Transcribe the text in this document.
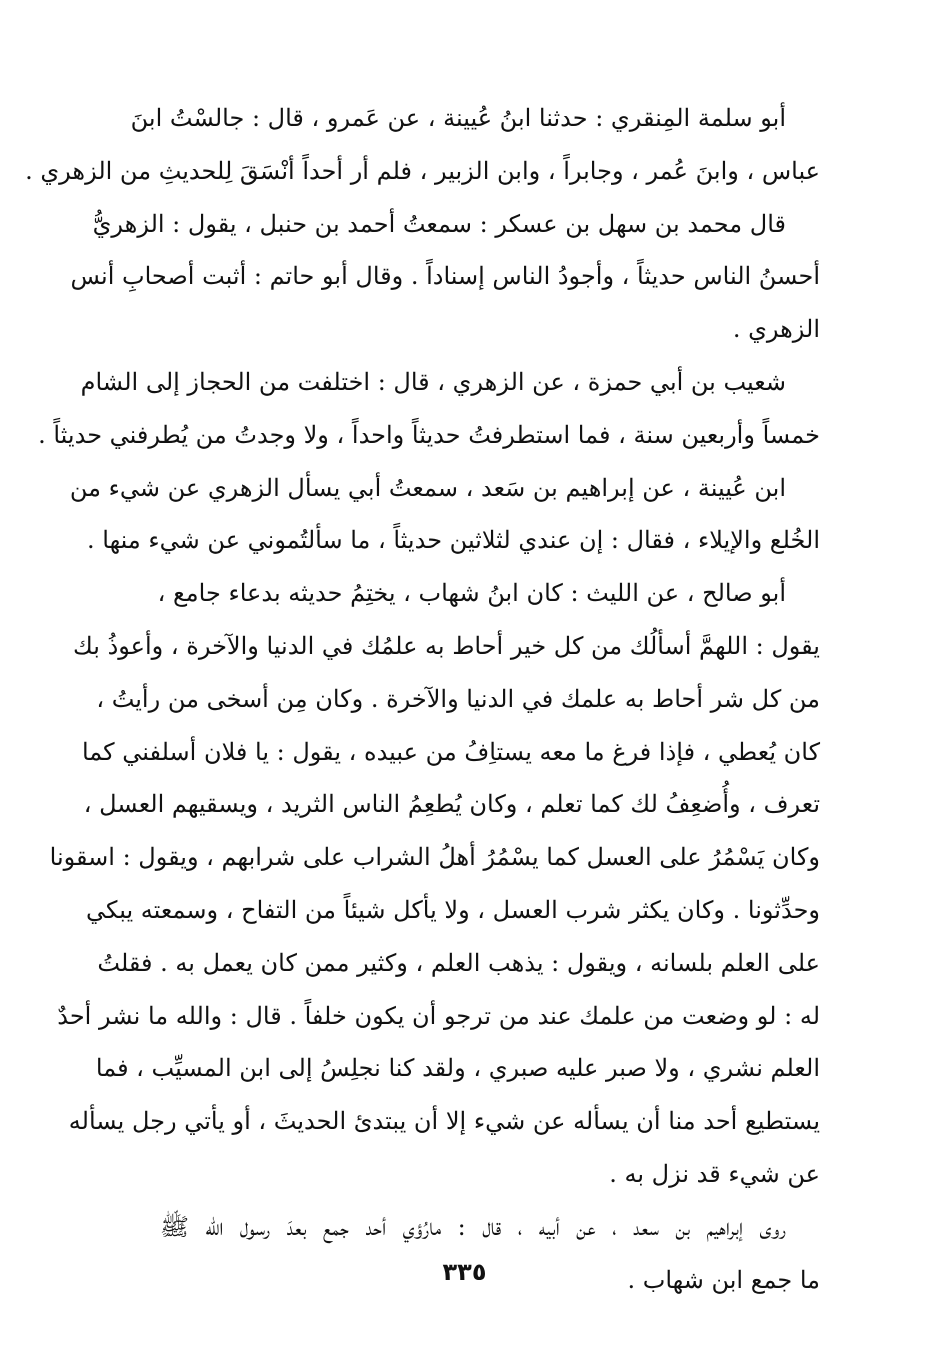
أبو سلمة المِنقري : حدثنا ابنُ عُيينة ، عن عَمرو ، قال : جالسْتُ ابنَ
عباس ، وابنَ عُمر ، وجابراً ، وابن الزبير ، فلم أر أحداً أنْسَقَ لِلحديثِ من الزهري .
قال محمد بن سهل بن عسكر : سمعتُ أحمد بن حنبل ، يقول : الزهريُّ
أحسنُ الناس حديثاً ، وأجودُ الناس إسناداً . وقال أبو حاتم : أثبت أصحابِ أنس
الزهري .
شعيب بن أبي حمزة ، عن الزهري ، قال : اختلفت من الحجاز إلى الشام
خمساً وأربعين سنة ، فما استطرفتُ حديثاً واحداً ، ولا وجدتُ من يُطرفني حديثاً .
ابن عُيينة ، عن إبراهيم بن سَعد ، سمعتُ أبي يسأل الزهري عن شيء من
الخُلع والإيلاء ، فقال : إن عندي لثلاثين حديثاً ، ما سألتُموني عن شيء منها .
أبو صالح ، عن الليث : كان ابنُ شهاب ، يختِمُ حديثه بدعاء جامع ،
يقول : اللهمَّ أسألُك من كل خير أحاط به علمُك في الدنيا والآخرة ، وأعوذُ بك
من كل شر أحاط به علمك في الدنيا والآخرة . وكان مِن أسخى من رأيتُ ،
كان يُعطي ، فإذا فرغ ما معه يستاِفُ من عبيده ، يقول : يا فلان أسلفني كما
تعرف ، وأُضعِفُ لك كما تعلم ، وكان يُطعِمُ الناس الثريد ، ويسقيهم العسل ،
وكان يَسْمُرُ على العسل كما يسْمُرُ أهلُ الشراب على شرابهم ، ويقول : اسقونا
وحدِّثونا . وكان يكثر شرب العسل ، ولا يأكل شيئاً من التفاح ، وسمعته يبكي
على العلم بلسانه ، ويقول : يذهب العلم ، وكثير ممن كان يعمل به . فقلتُ
له : لو وضعت من علمك عند من ترجو أن يكون خلفاً . قال : والله ما نشر أحدٌ
العلم نشري ، ولا صبر عليه صبري ، ولقد كنا نجلِسُ إلى ابن المسيِّب ، فما
يستطيع أحد منا أن يسأله عن شيء إلا أن يبتدئ الحديثَ ، أو يأتي رجل يسأله
عن شيء قد نزل به .
روى إبراهيم بن سعد ، عن أبيه ، قال : مارُؤي أحد جمع بعدَ رسول الله ﷺ
ما جمع ابن شهاب .
٣٣٥
